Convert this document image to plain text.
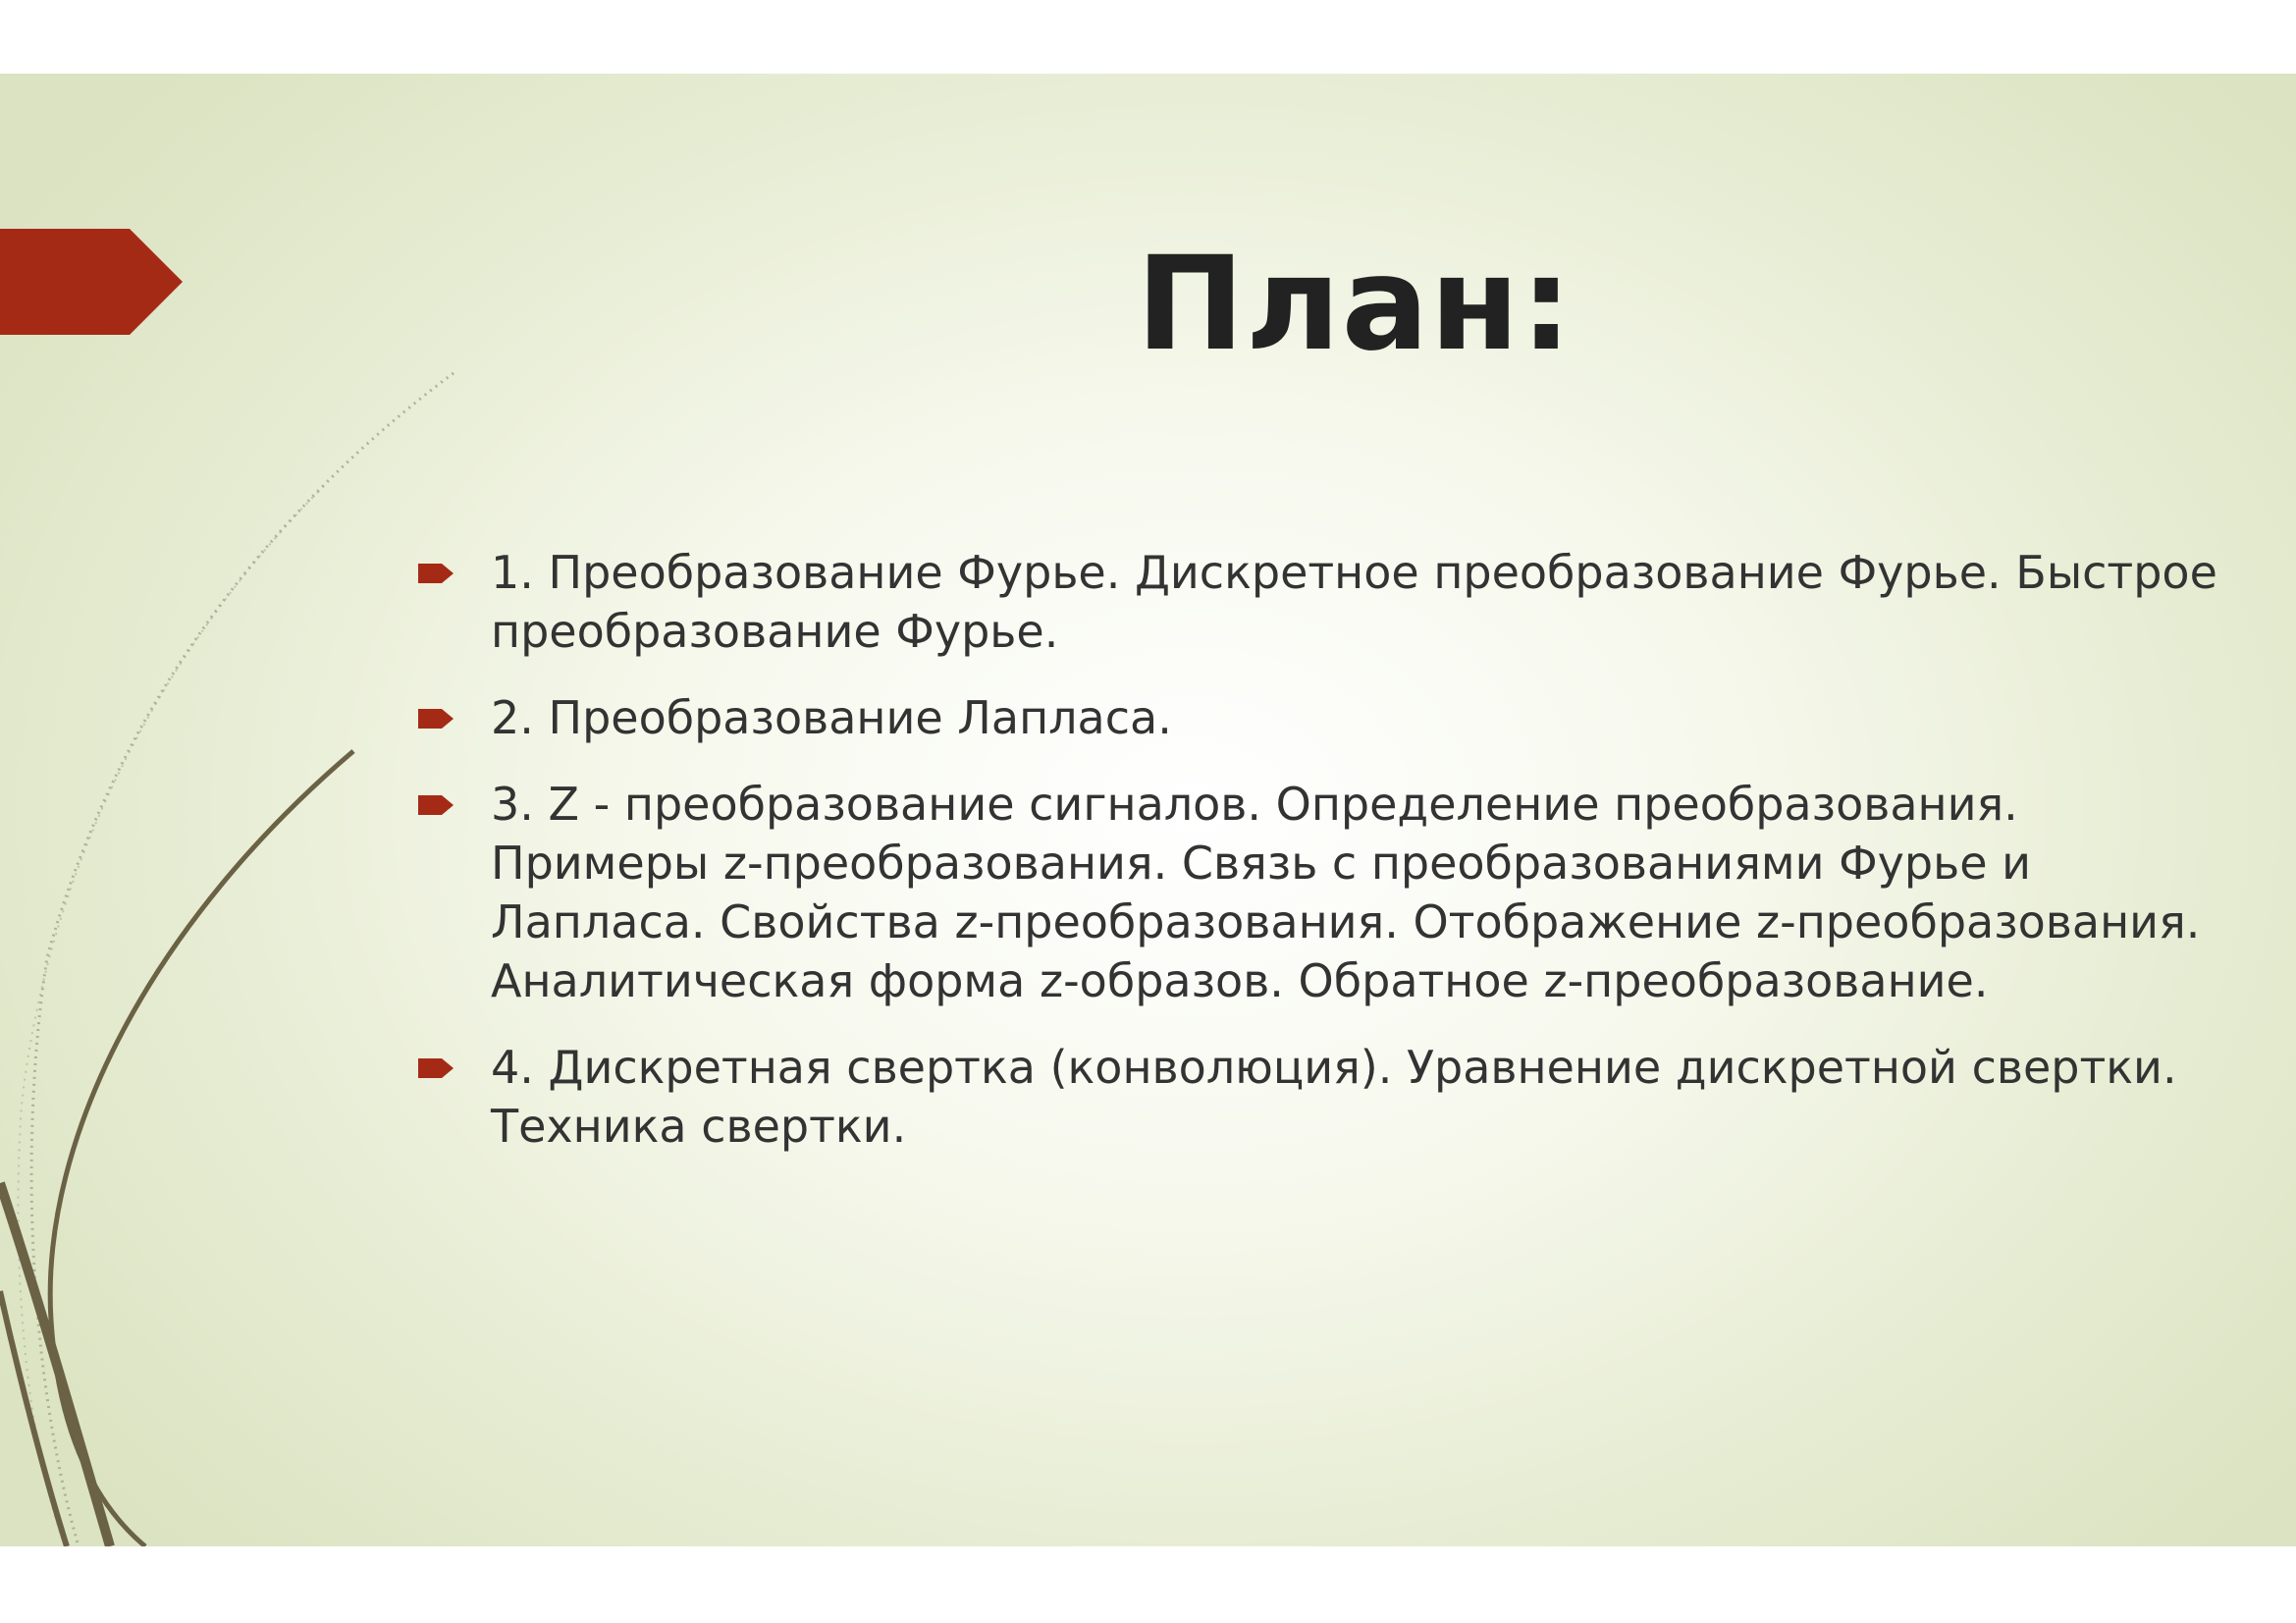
План:
1. Преобразование Фурье. Дискретное преобразование Фурье. Быстрое преобразование Фурье.
2. Преобразование Лапласа.
3. Z - преобразование сигналов. Определение преобразования. Примеры z-преобразования. Связь с преобразованиями Фурье и Лапласа. Свойства z-преобразования. Отображение z-преобразования. Аналитическая форма z-образов. Обратное z-преобразование.
4. Дискретная свертка (конволюция). Уравнение дискретной свертки. Техника свертки.
